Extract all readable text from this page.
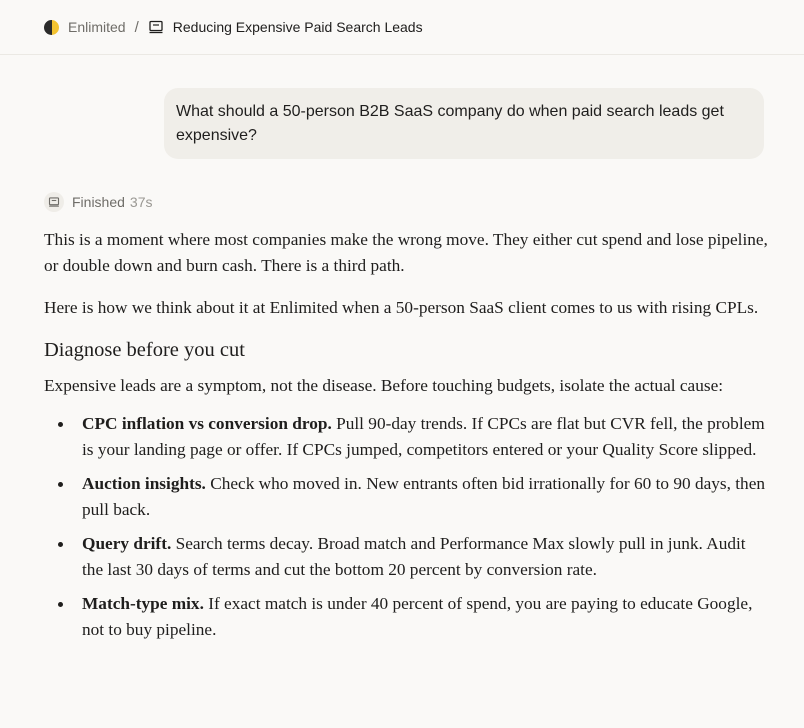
Enlimited / Reducing Expensive Paid Search Leads
What should a 50-person B2B SaaS company do when paid search leads get expensive?
Finished 37s

This is a moment where most companies make the wrong move. They either cut spend and lose pipeline, or double down and burn cash. There is a third path.

Here is how we think about it at Enlimited when a 50-person SaaS client comes to us with rising CPLs.

Diagnose before you cut

Expensive leads are a symptom, not the disease. Before touching budgets, isolate the actual cause:

CPC inflation vs conversion drop. Pull 90-day trends. If CPCs are flat but CVR fell, the problem is your landing page or offer. If CPCs jumped, competitors entered or your Quality Score slipped.
Auction insights. Check who moved in. New entrants often bid irrationally for 60 to 90 days, then pull back.
Query drift. Search terms decay. Broad match and Performance Max slowly pull in junk. Audit the last 30 days of terms and cut the bottom 20 percent by conversion rate.
Match-type mix. If exact match is under 40 percent of spend, you are paying to educate Google, not to buy pipeline.
